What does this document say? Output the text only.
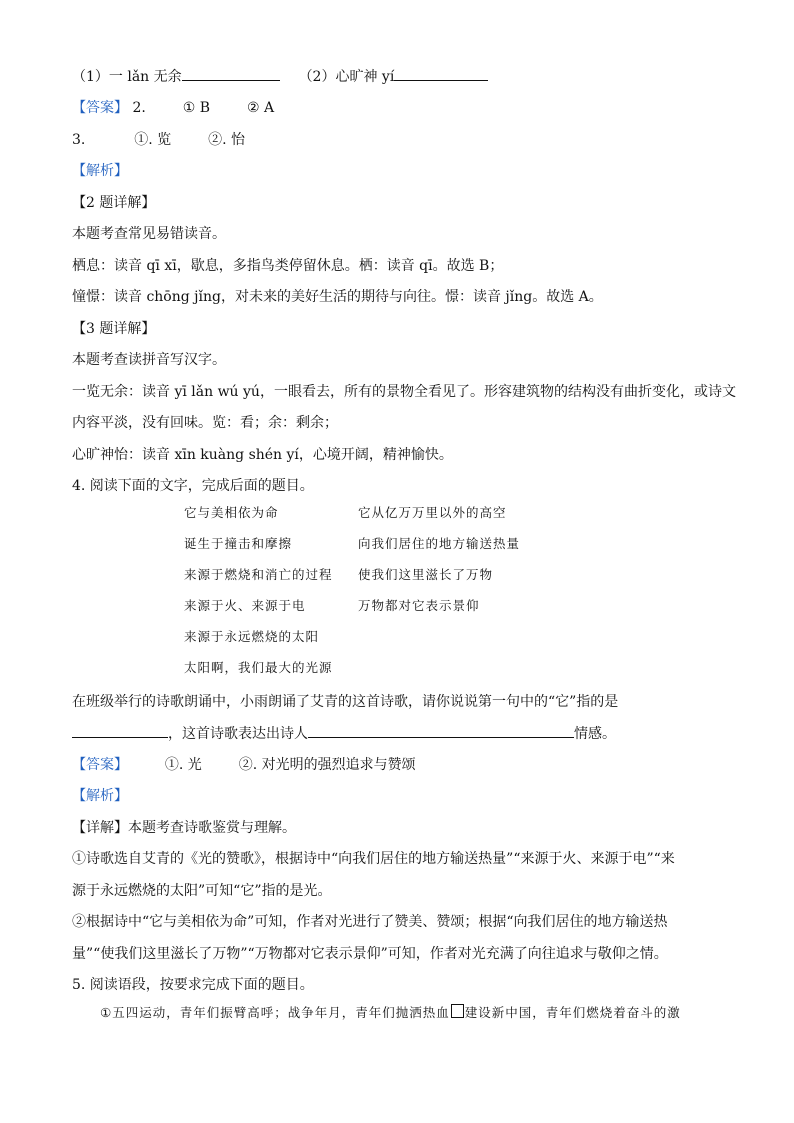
（1）一 lǎn 无余	（2）心旷神 yí
【答案】 2.	① B	② A
3.	①. 览	②. 怡
【解析】
【2 题详解】
本题考查常见易错读音。
栖息：读音 qī xī，歇息，多指鸟类停留休息。栖：读音 qī。故选 B；
憧憬：读音 chōng jǐng，对未来的美好生活的期待与向往。憬：读音 jǐng。故选 A。
【3 题详解】
本题考查读拼音写汉字。
一览无余：读音 yī lǎn wú yú，一眼看去，所有的景物全看见了。形容建筑物的结构没有曲折变化，或诗文
内容平淡，没有回味。览：看；余：剩余；
心旷神怡：读音 xīn kuàng shén yí，心境开阔，精神愉快。
4. 阅读下面的文字，完成后面的题目。
它与美相依为命
诞生于撞击和摩擦
来源于燃烧和消亡的过程
来源于火、来源于电
来源于永远燃烧的太阳
太阳啊，我们最大的光源
它从亿万万里以外的高空
向我们居住的地方输送热量
使我们这里滋长了万物
万物都对它表示景仰
在班级举行的诗歌朗诵中，小雨朗诵了艾青的这首诗歌，请你说说第一句中的“它”指的是
，这首诗歌表达出诗人	情感。
【答案】	①. 光	②. 对光明的强烈追求与赞颂
【解析】
【详解】本题考查诗歌鉴赏与理解。
①诗歌选自艾青的《光的赞歌》，根据诗中“向我们居住的地方输送热量”“来源于火、来源于电”“来
源于永远燃烧的太阳”可知“它”指的是光。
②根据诗中“它与美相依为命”可知，作者对光进行了赞美、赞颂；根据“向我们居住的地方输送热
量”“使我们这里滋长了万物”“万物都对它表示景仰”可知，作者对光充满了向往追求与敬仰之情。
5. 阅读语段，按要求完成下面的题目。
①五四运动，青年们振臂高呼；战争年月，青年们抛洒热血 建设新中国，青年们燃烧着奋斗的激
